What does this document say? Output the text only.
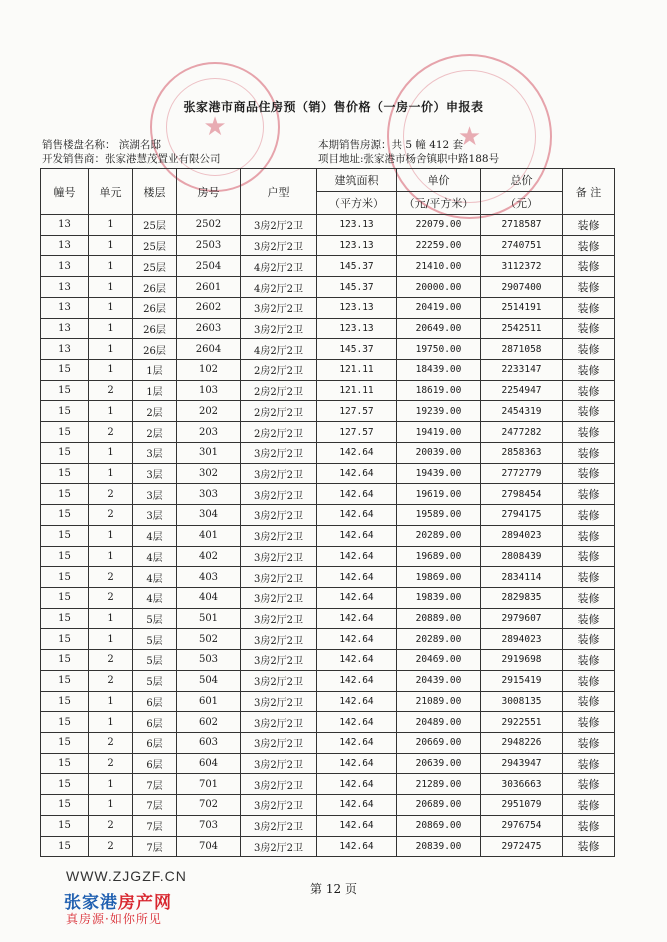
★	★
张家港市商品住房预（销）售价格（一房一价）申报表
销售楼盘名称： 滨湖名邸
开发销售商：张家港慧茂置业有限公司
本期销售房源：共 5 幢 412 套
项目地址:张家港市杨舍镇职中路188号
幢号	单元	楼层	房号	户型	建筑面积	单价	总价	备 注
					（平方米）	（元/平方米）	（元）	
13	1	25层	2502	3房2厅2卫	123.13	22079.00	2718587	装修
13	1	25层	2503	3房2厅2卫	123.13	22259.00	2740751	装修
13	1	25层	2504	4房2厅2卫	145.37	21410.00	3112372	装修
13	1	26层	2601	4房2厅2卫	145.37	20000.00	2907400	装修
13	1	26层	2602	3房2厅2卫	123.13	20419.00	2514191	装修
13	1	26层	2603	3房2厅2卫	123.13	20649.00	2542511	装修
13	1	26层	2604	4房2厅2卫	145.37	19750.00	2871058	装修
15	1	1层	102	2房2厅2卫	121.11	18439.00	2233147	装修
15	2	1层	103	2房2厅2卫	121.11	18619.00	2254947	装修
15	1	2层	202	2房2厅2卫	127.57	19239.00	2454319	装修
15	2	2层	203	2房2厅2卫	127.57	19419.00	2477282	装修
15	1	3层	301	3房2厅2卫	142.64	20039.00	2858363	装修
15	1	3层	302	3房2厅2卫	142.64	19439.00	2772779	装修
15	2	3层	303	3房2厅2卫	142.64	19619.00	2798454	装修
15	2	3层	304	3房2厅2卫	142.64	19589.00	2794175	装修
15	1	4层	401	3房2厅2卫	142.64	20289.00	2894023	装修
15	1	4层	402	3房2厅2卫	142.64	19689.00	2808439	装修
15	2	4层	403	3房2厅2卫	142.64	19869.00	2834114	装修
15	2	4层	404	3房2厅2卫	142.64	19839.00	2829835	装修
15	1	5层	501	3房2厅2卫	142.64	20889.00	2979607	装修
15	1	5层	502	3房2厅2卫	142.64	20289.00	2894023	装修
15	2	5层	503	3房2厅2卫	142.64	20469.00	2919698	装修
15	2	5层	504	3房2厅2卫	142.64	20439.00	2915419	装修
15	1	6层	601	3房2厅2卫	142.64	21089.00	3008135	装修
15	1	6层	602	3房2厅2卫	142.64	20489.00	2922551	装修
15	2	6层	603	3房2厅2卫	142.64	20669.00	2948226	装修
15	2	6层	604	3房2厅2卫	142.64	20639.00	2943947	装修
15	1	7层	701	3房2厅2卫	142.64	21289.00	3036663	装修
15	1	7层	702	3房2厅2卫	142.64	20689.00	2951079	装修
15	2	7层	703	3房2厅2卫	142.64	20869.00	2976754	装修
15	2	7层	704	3房2厅2卫	142.64	20839.00	2972475	装修
WWW.ZJGZF.CN
张家港房产网
真房源·如你所见
第 12 页
